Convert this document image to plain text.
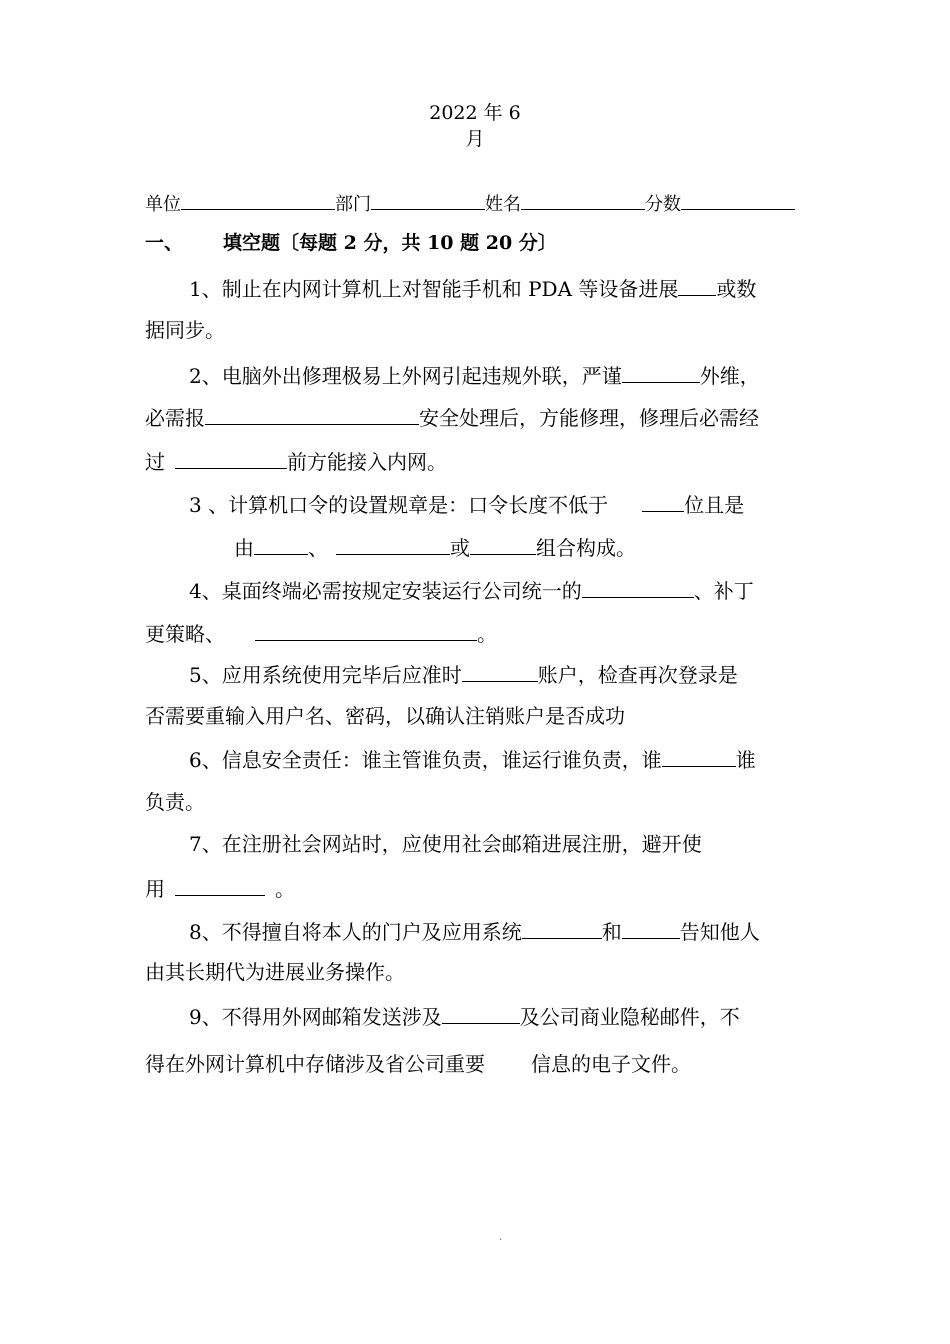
2022 年 6
月
单位	部门	姓名	分数
一、 填空题〔每题 2 分，共 10 题 20 分〕
1、制止在内网计算机上对智能手机和 PDA 等设备进展 或数
据同步。
2、电脑外出修理极易上外网引起违规外联，严谨	外维，
必需报	安全处理后，方能修理，修理后必需经
过	前方能接入内网。
3 、计算机口令的设置规章是：口令长度不低于	位且是
由	、	或	组合构成。
4、桌面终端必需按规定安装运行公司统一的	、补丁
更策略、	。
5、应用系统使用完毕后应准时	账户，检查再次登录是
否需要重输入用户名、密码，以确认注销账户是否成功
6、信息安全责任：谁主管谁负责，谁运行谁负责，谁	谁
负责。
7、在注册社会网站时，应使用社会邮箱进展注册，避开使
用	。
8、不得擅自将本人的门户及应用系统	和	告知他人
由其长期代为进展业务操作。
9、不得用外网邮箱发送涉及	及公司商业隐秘邮件，不
得在外网计算机中存储涉及省公司重要 信息的电子文件。
.
